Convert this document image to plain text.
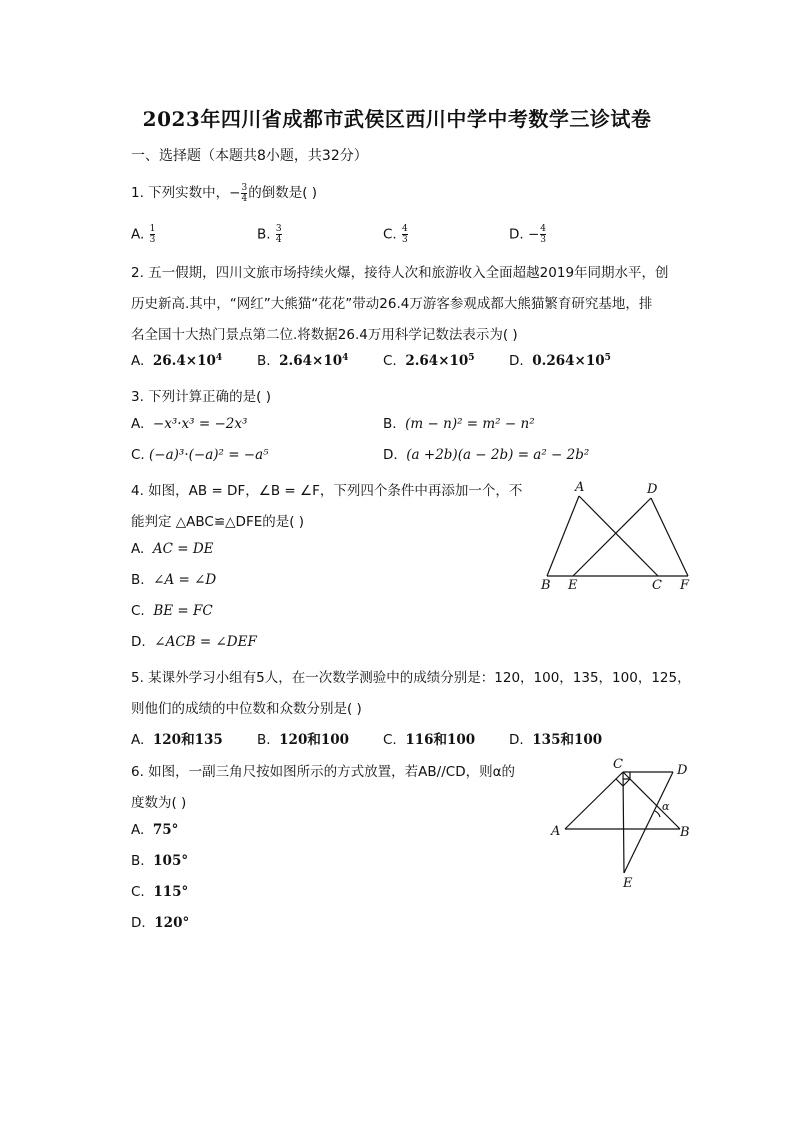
2023年四川省成都市武侯区西川中学中考数学三诊试卷
一、选择题（本题共8小题，共32分）
1. 下列实数中，− $\frac{3}{4}$ 的倒数是( )
A. $\frac{1}{3}$	B. $\frac{3}{4}$	C. $\frac{4}{3}$	D. − $\frac{4}{3}$
2. 五一假期，四川文旅市场持续火爆，接待人次和旅游收入全面超越2019年同期水平，创
历史新高.其中，“网红”大熊猫“花花”带动26.4万游客参观成都大熊猫繁育研究基地，排
名全国十大热门景点第二位.将数据26.4万用科学记数法表示为( )
A. $26.4\times 10^4$	B. $2.64\times 10^4$	C. $2.64\times 10^5$	D. $0.264\times 10^5$
3. 下列计算正确的是( )
A. −x³·x³ = −2x³	B. (m − n)² = m² − n²
C. (−a)³·(−a)² = −a⁵	D. (a +2b)(a − 2b) = a² − 2b²
4. 如图，AB = DF，∠B = ∠F，下列四个条件中再添加一个，不
能判定 △ABC≌△DFE的是( )
A. AC = DE
B. ∠A = ∠D
C. BE = FC
D. ∠ACB = ∠DEF
A	D
B E	C F
5. 某课外学习小组有5人，在一次数学测验中的成绩分别是：120，100，135，100，125，
则他们的成绩的中位数和众数分别是( )
A. 120和135	B. 120和100	C. 116和100	D. 135和100
6. 如图，一副三角尺按如图所示的方式放置，若AB//CD，则α的
度数为( )
A. 75°
B. 105°
C. 115°
D. 120°
C	D
A	B
E
α
